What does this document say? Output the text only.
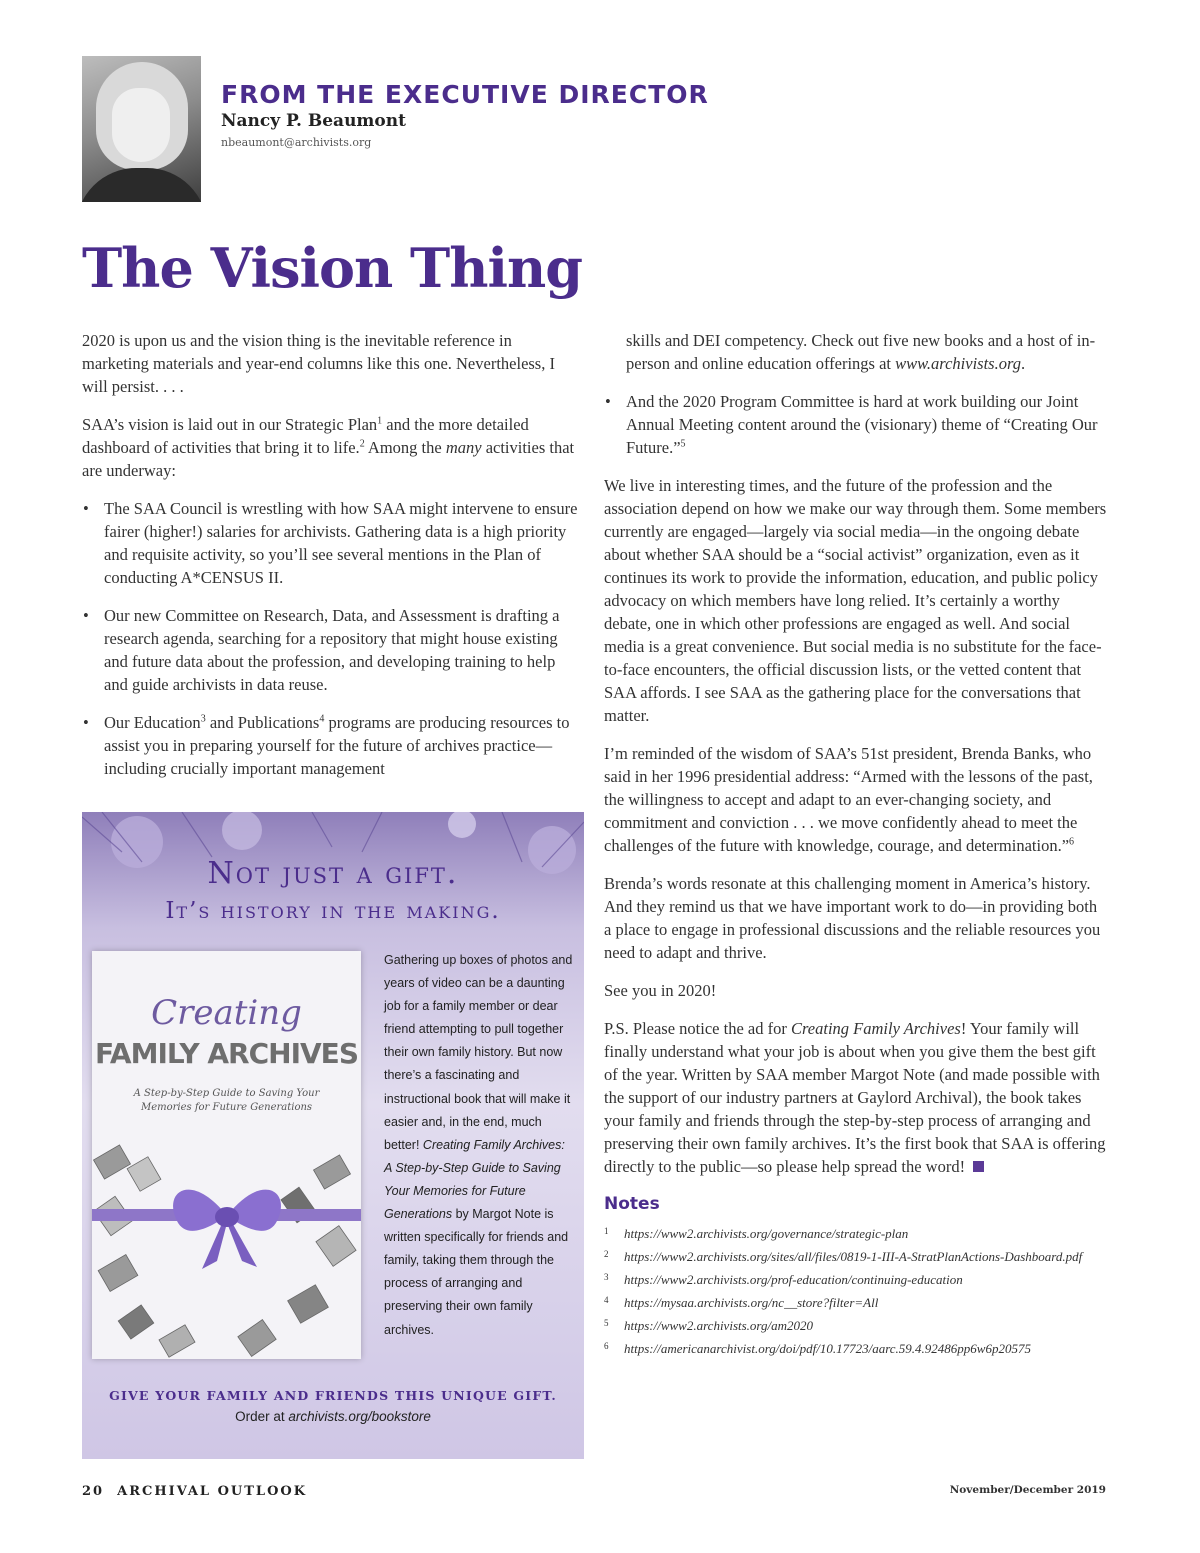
FROM THE EXECUTIVE DIRECTOR
Nancy P. Beaumont
nbeaumont@archivists.org
The Vision Thing

2020 is upon us and the vision thing is the inevitable reference in marketing materials and year-end columns like this one. Nevertheless, I will persist. . . .

SAA’s vision is laid out in our Strategic Plan$^1$ and the more detailed dashboard of activities that bring it to life.$^2$ Among the many activities that are underway:

• The SAA Council is wrestling with how SAA might intervene to ensure fairer (higher!) salaries for archivists. Gathering data is a high priority and requisite activity, so you’ll see several mentions in the Plan of conducting A*CENSUS II.
• Our new Committee on Research, Data, and Assessment is drafting a research agenda, searching for a repository that might house existing and future data about the profession, and developing training to help and guide archivists in data reuse.
• Our Education$^3$ and Publications$^4$ programs are producing resources to assist you in preparing yourself for the future of archives practice—including crucially important management
skills and DEI competency. Check out five new books and a host of in-person and online education offerings at www.archivists.org.
• And the 2020 Program Committee is hard at work building our Joint Annual Meeting content around the (visionary) theme of “Creating Our Future.”$^5$

We live in interesting times, and the future of the profession and the association depend on how we make our way through them. Some members currently are engaged—largely via social media—in the ongoing debate about whether SAA should be a “social activist” organization, even as it continues its work to provide the information, education, and public policy advocacy on which members have long relied. It’s certainly a worthy debate, one in which other professions are engaged as well. And social media is a great convenience. But social media is no substitute for the face-to-face encounters, the official discussion lists, or the vetted content that SAA affords. I see SAA as the gathering place for the conversations that matter.

I’m reminded of the wisdom of SAA’s 51st president, Brenda Banks, who said in her 1996 presidential address: “Armed with the lessons of the past, the willingness to accept and adapt to an ever-changing society, and commitment and conviction . . . we move confidently ahead to meet the challenges of the future with knowledge, courage, and determination.”$^6$

Brenda’s words resonate at this challenging moment in America’s history. And they remind us that we have important work to do—in providing both a place to engage in professional discussions and the reliable resources you need to adapt and thrive.

See you in 2020!

P.S. Please notice the ad for Creating Family Archives! Your family will finally understand what your job is about when you give them the best gift of the year. Written by SAA member Margot Note (and made possible with the support of our industry partners at Gaylord Archival), the book takes your family and friends through the step-by-step process of arranging and preserving their own family archives. It’s the first book that SAA is offering directly to the public—so please help spread the word!

Notes
1 https://www2.archivists.org/governance/strategic-plan
2 https://www2.archivists.org/sites/all/files/0819-1-III-A-StratPlanActions-Dashboard.pdf
3 https://www2.archivists.org/prof-education/continuing-education
4 https://mysaa.archivists.org/nc__store?filter=All
5 https://www2.archivists.org/am2020
6 https://americanarchivist.org/doi/pdf/10.17723/aarc.59.4.92486pp6w6p20575
Not just a gift.
It’s history in the making.
Creating
FAMILY ARCHIVES
A Step-by-Step Guide to Saving Your Memories for Future Generations
Gathering up boxes of photos and years of video can be a daunting job for a family member or dear friend attempting to pull together their own family history. But now there’s a fascinating and instructional book that will make it easier and, in the end, much better! Creating Family Archives: A Step-by-Step Guide to Saving Your Memories for Future Generations by Margot Note is written specifically for friends and family, taking them through the process of arranging and preserving their own family archives.
GIVE YOUR FAMILY AND FRIENDS THIS UNIQUE GIFT.
Order at archivists.org/bookstore
20 ARCHIVAL OUTLOOK	November/December 2019
